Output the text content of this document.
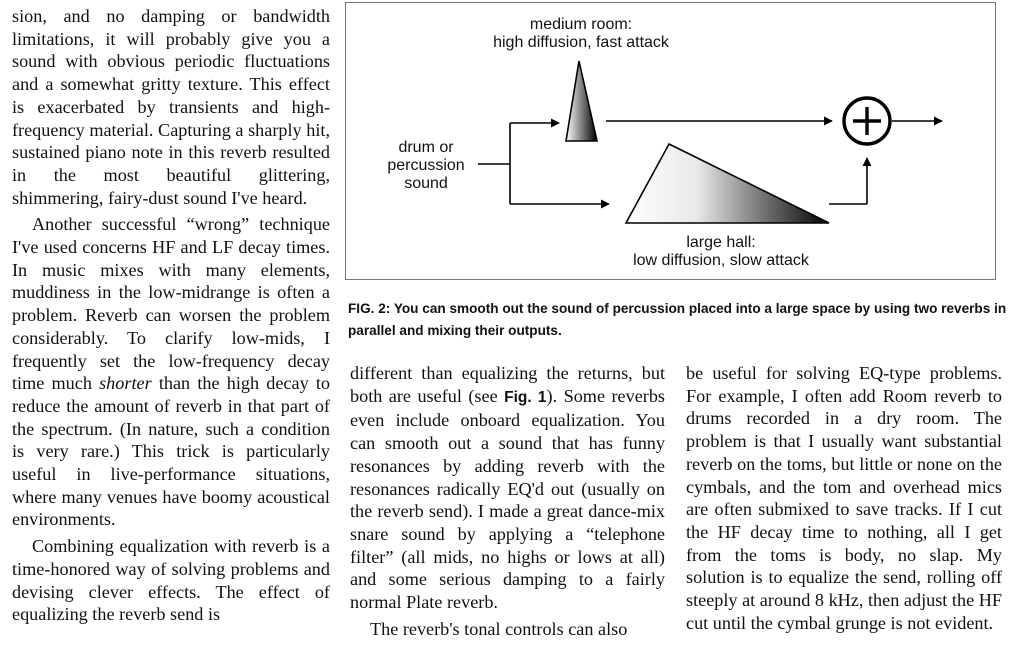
sion, and no damping or bandwidth limitations, it will probably give you a sound with obvious periodic fluctuations and a somewhat gritty texture. This effect is exacerbated by transients and high-frequency material. Capturing a sharply hit, sustained piano note in this reverb resulted in the most beautiful glittering, shimmering, fairy-dust sound I've heard.

Another successful “wrong” technique I've used concerns HF and LF decay times. In music mixes with many elements, muddiness in the low-midrange is often a problem. Reverb can worsen the problem considerably. To clarify low-mids, I frequently set the low-frequency decay time much shorter than the high decay to reduce the amount of reverb in that part of the spectrum. (In nature, such a condition is very rare.) This trick is particularly useful in live-performance situations, where many venues have boomy acoustical environments.

Combining equalization with reverb is a time-honored way of solving problems and devising clever effects. The effect of equalizing the reverb send is

medium room:
high diffusion, fast attack
drum or
percussion
sound
large hall:
low diffusion, slow attack
FIG. 2: You can smooth out the sound of percussion placed into a large space by using two reverbs in parallel and mixing their outputs.

different than equalizing the returns, but both are useful (see Fig. 1). Some reverbs even include onboard equalization. You can smooth out a sound that has funny resonances by adding reverb with the resonances radically EQ'd out (usually on the reverb send). I made a great dance-mix snare sound by applying a “telephone filter” (all mids, no highs or lows at all) and some serious damping to a fairly normal Plate reverb.

The reverb's tonal controls can also

be useful for solving EQ-type problems. For example, I often add Room reverb to drums recorded in a dry room. The problem is that I usually want substantial reverb on the toms, but little or none on the cymbals, and the tom and overhead mics are often submixed to save tracks. If I cut the HF decay time to nothing, all I get from the toms is body, no slap. My solution is to equalize the send, rolling off steeply at around 8 kHz, then adjust the HF cut until the cymbal grunge is not evident.
